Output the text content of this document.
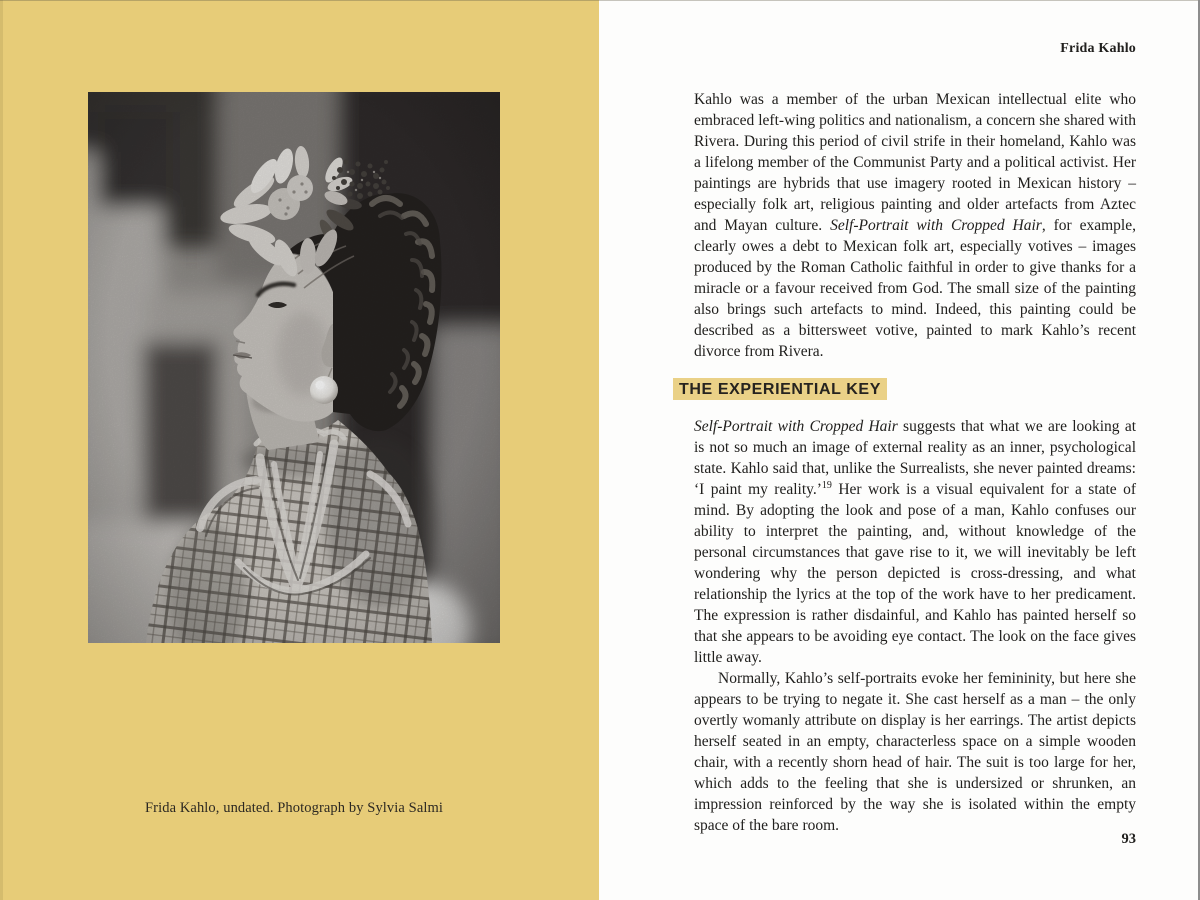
Frida Kahlo, undated. Photograph by Sylvia Salmi
Frida Kahlo

Kahlo was a member of the urban Mexican intellectual elite who embraced left-wing politics and nationalism, a concern she shared with Rivera. During this period of civil strife in their homeland, Kahlo was a lifelong member of the Communist Party and a political activist. Her paintings are hybrids that use imagery rooted in Mexican history – especially folk art, religious painting and older artefacts from Aztec and Mayan culture. Self-Portrait with Cropped Hair, for example, clearly owes a debt to Mexican folk art, especially votives – images produced by the Roman Catholic faithful in order to give thanks for a miracle or a favour received from God. The small size of the painting also brings such artefacts to mind. Indeed, this painting could be described as a bittersweet votive, painted to mark Kahlo’s recent divorce from Rivera.

THE EXPERIENTIAL KEY

Self-Portrait with Cropped Hair suggests that what we are looking at is not so much an image of external reality as an inner, psychological state. Kahlo said that, unlike the Surrealists, she never painted dreams: ‘I paint my reality.’$^{19}$ Her work is a visual equivalent for a state of mind. By adopting the look and pose of a man, Kahlo confuses our ability to interpret the painting, and, without knowledge of the personal circumstances that gave rise to it, we will inevitably be left wondering why the person depicted is cross-dressing, and what relationship the lyrics at the top of the work have to her predicament. The expression is rather disdainful, and Kahlo has painted herself so that she appears to be avoiding eye contact. The look on the face gives little away.

Normally, Kahlo’s self-portraits evoke her femininity, but here she appears to be trying to negate it. She cast herself as a man – the only overtly womanly attribute on display is her earrings. The artist depicts herself seated in an empty, characterless space on a simple wooden chair, with a recently shorn head of hair. The suit is too large for her, which adds to the feeling that she is undersized or shrunken, an impression reinforced by the way she is isolated within the empty space of the bare room.

93
